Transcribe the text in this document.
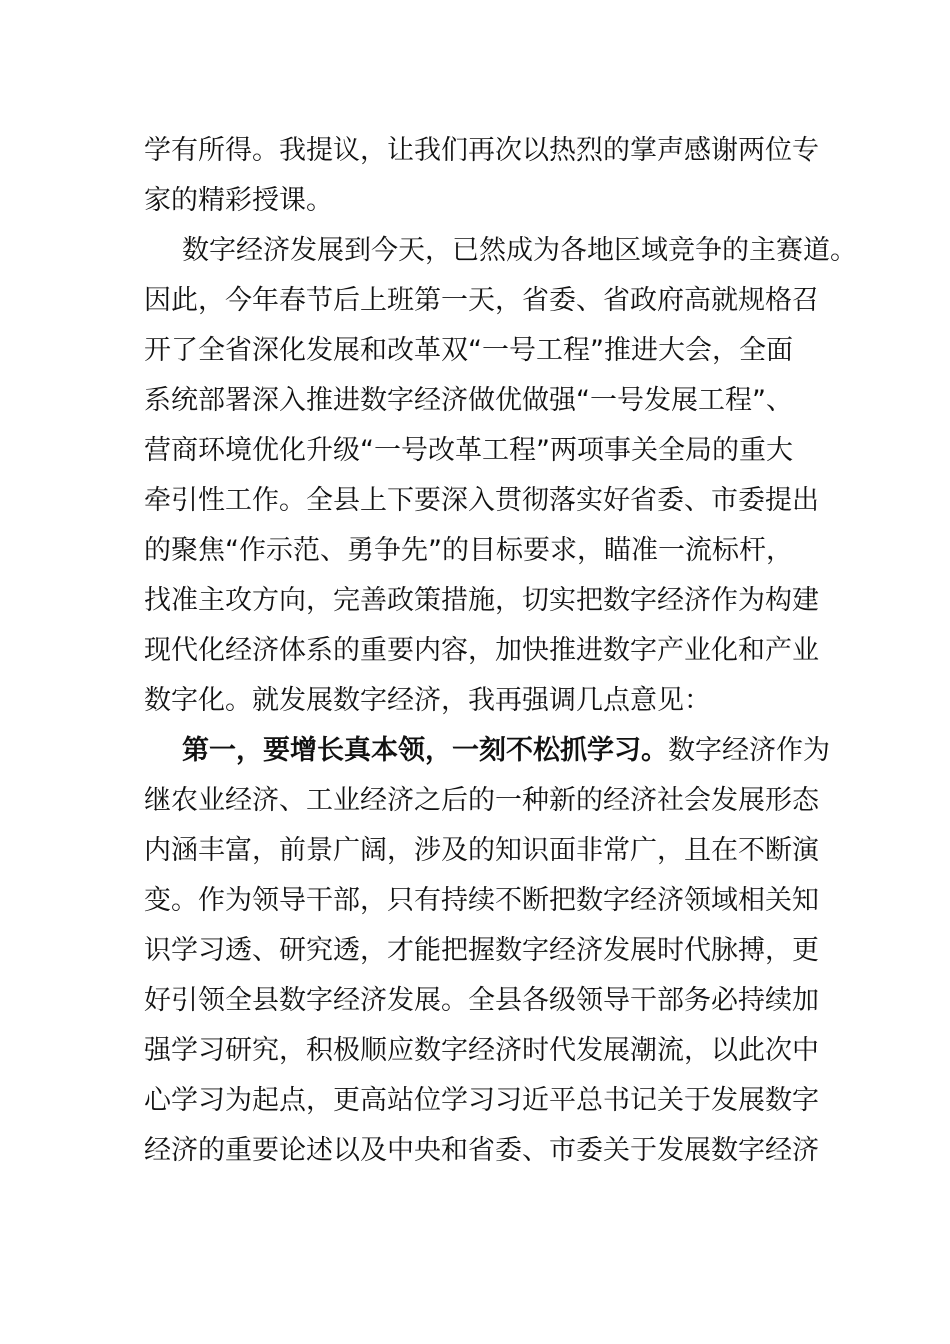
学有所得。我提议，让我们再次以热烈的掌声感谢两位专
家的精彩授课。
数字经济发展到今天，已然成为各地区域竞争的主赛道。
因此，今年春节后上班第一天，省委、省政府高就规格召
开了全省深化发展和改革双“一号工程”推进大会，全面
系统部署深入推进数字经济做优做强“一号发展工程”、
营商环境优化升级“一号改革工程”两项事关全局的重大
牵引性工作。全县上下要深入贯彻落实好省委、市委提出
的聚焦“作示范、勇争先”的目标要求，瞄准一流标杆，
找准主攻方向，完善政策措施，切实把数字经济作为构建
现代化经济体系的重要内容，加快推进数字产业化和产业
数字化。就发展数字经济，我再强调几点意见：
第一，要增长真本领，一刻不松抓学习。数字经济作为
继农业经济、工业经济之后的一种新的经济社会发展形态
内涵丰富，前景广阔，涉及的知识面非常广，且在不断演
变。作为领导干部，只有持续不断把数字经济领域相关知
识学习透、研究透，才能把握数字经济发展时代脉搏，更
好引领全县数字经济发展。全县各级领导干部务必持续加
强学习研究，积极顺应数字经济时代发展潮流，以此次中
心学习为起点，更高站位学习习近平总书记关于发展数字
经济的重要论述以及中央和省委、市委关于发展数字经济
